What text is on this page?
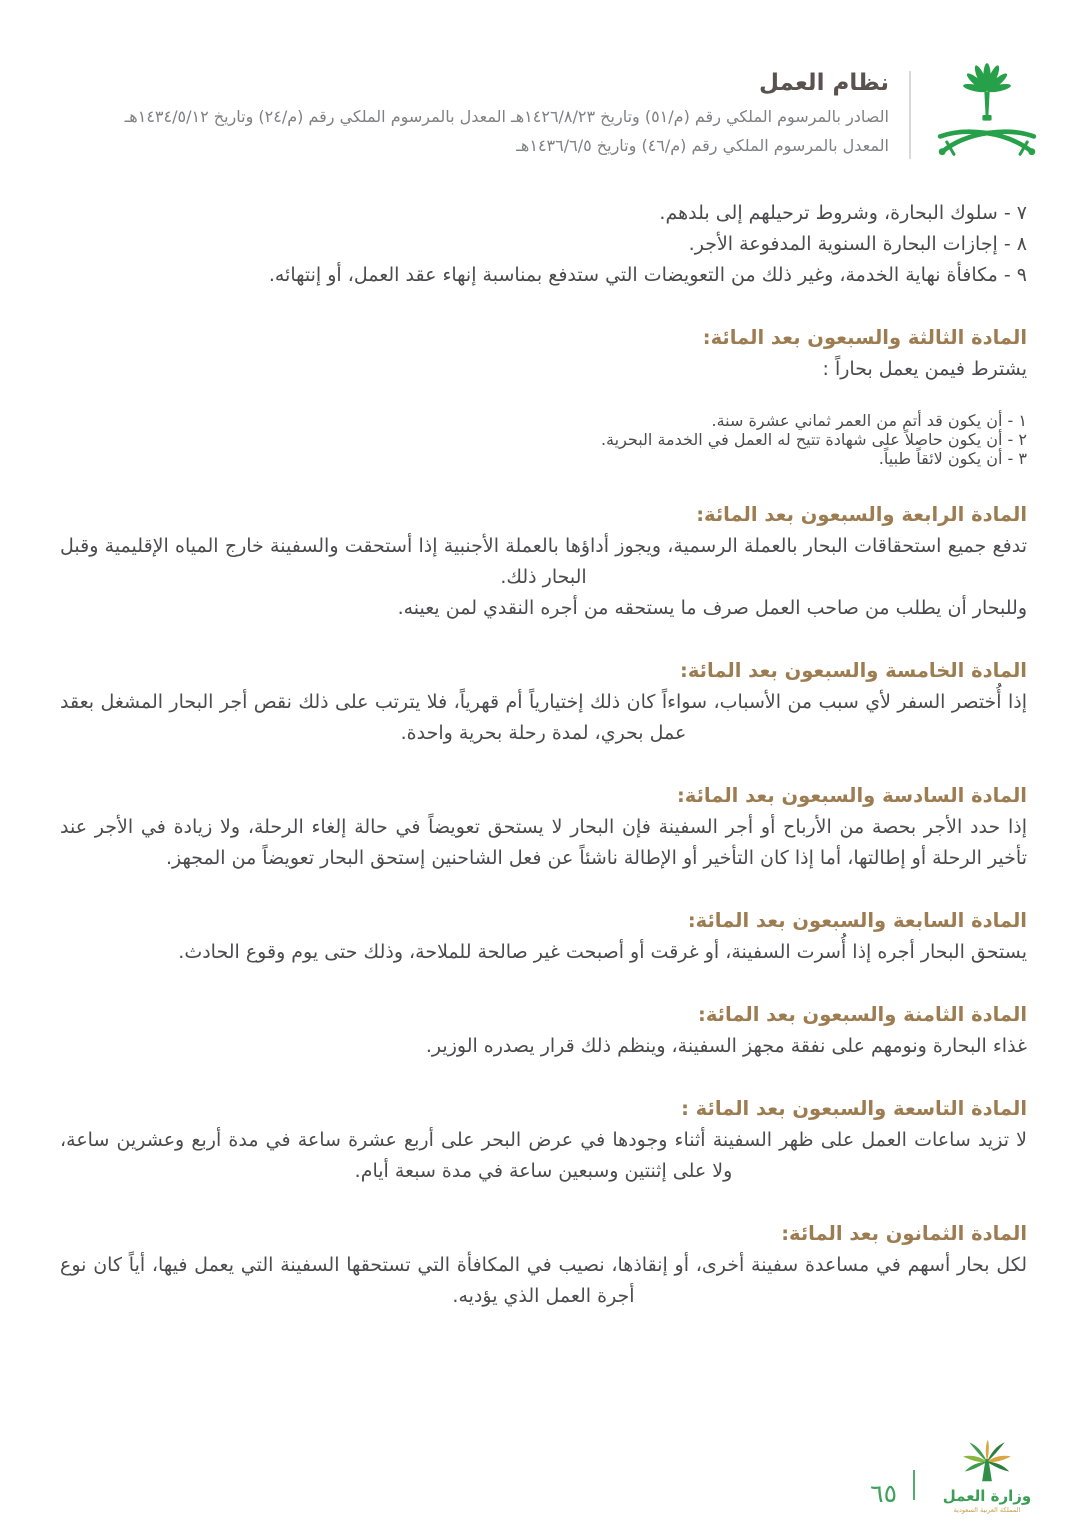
نظام العمل
الصادر بالمرسوم الملكي رقم (م/٥١) وتاريخ ١٤٢٦/٨/٢٣هـ المعدل بالمرسوم الملكي رقم (م/٢٤) وتاريخ ١٤٣٤/٥/١٢هـ
المعدل بالمرسوم الملكي رقم (م/٤٦) وتاريخ ١٤٣٦/٦/٥هـ
٧ - سلوك البحارة، وشروط ترحيلهم إلى بلدهم.
٨ - إجازات البحارة السنوية المدفوعة الأجر.
٩ - مكافأة نهاية الخدمة، وغير ذلك من التعويضات التي ستدفع بمناسبة إنهاء عقد العمل، أو إنتهائه.
المادة الثالثة والسبعون بعد المائة:

يشترط فيمن يعمل بحاراً :

١ - أن يكون قد أتم من العمر ثماني عشرة سنة.
٢ - أن يكون حاصلاً على شهادة تتيح له العمل في الخدمة البحرية.
٣ - أن يكون لائقاً طبياً.
المادة الرابعة والسبعون بعد المائة:

تدفع جميع استحقاقات البحار بالعملة الرسمية، ويجوز أداؤها بالعملة الأجنبية إذا أستحقت والسفينة خارج المياه الإقليمية وقبل البحار ذلك.

وللبحار أن يطلب من صاحب العمل صرف ما يستحقه من أجره النقدي لمن يعينه.

المادة الخامسة والسبعون بعد المائة:

إذا أُختصر السفر لأي سبب من الأسباب، سواءاً كان ذلك إختيارياً أم قهرياً، فلا يترتب على ذلك نقص أجر البحار المشغل بعقد عمل بحري، لمدة رحلة بحرية واحدة.

المادة السادسة والسبعون بعد المائة:

إذا حدد الأجر بحصة من الأرباح أو أجر السفينة فإن البحار لا يستحق تعويضاً في حالة إلغاء الرحلة، ولا زيادة في الأجر عند تأخير الرحلة أو إطالتها، أما إذا كان التأخير أو الإطالة ناشئاً عن فعل الشاحنين إستحق البحار تعويضاً من المجهز.

المادة السابعة والسبعون بعد المائة:

يستحق البحار أجره إذا أُسرت السفينة، أو غرقت أو أصبحت غير صالحة للملاحة، وذلك حتى يوم وقوع الحادث.

المادة الثامنة والسبعون بعد المائة:

غذاء البحارة ونومهم على نفقة مجهز السفينة، وينظم ذلك قرار يصدره الوزير.

المادة التاسعة والسبعون بعد المائة :

لا تزيد ساعات العمل على ظهر السفينة أثناء وجودها في عرض البحر على أربع عشرة ساعة في مدة أربع وعشرين ساعة، ولا على إثنتين وسبعين ساعة في مدة سبعة أيام.

المادة الثمانون بعد المائة:

لكل بحار أسهم في مساعدة سفينة أخرى، أو إنقاذها، نصيب في المكافأة التي تستحقها السفينة التي يعمل فيها، أياً كان نوع أجرة العمل الذي يؤديه.

وزارة العمل
المملكة العربية السعودية
٦٥
